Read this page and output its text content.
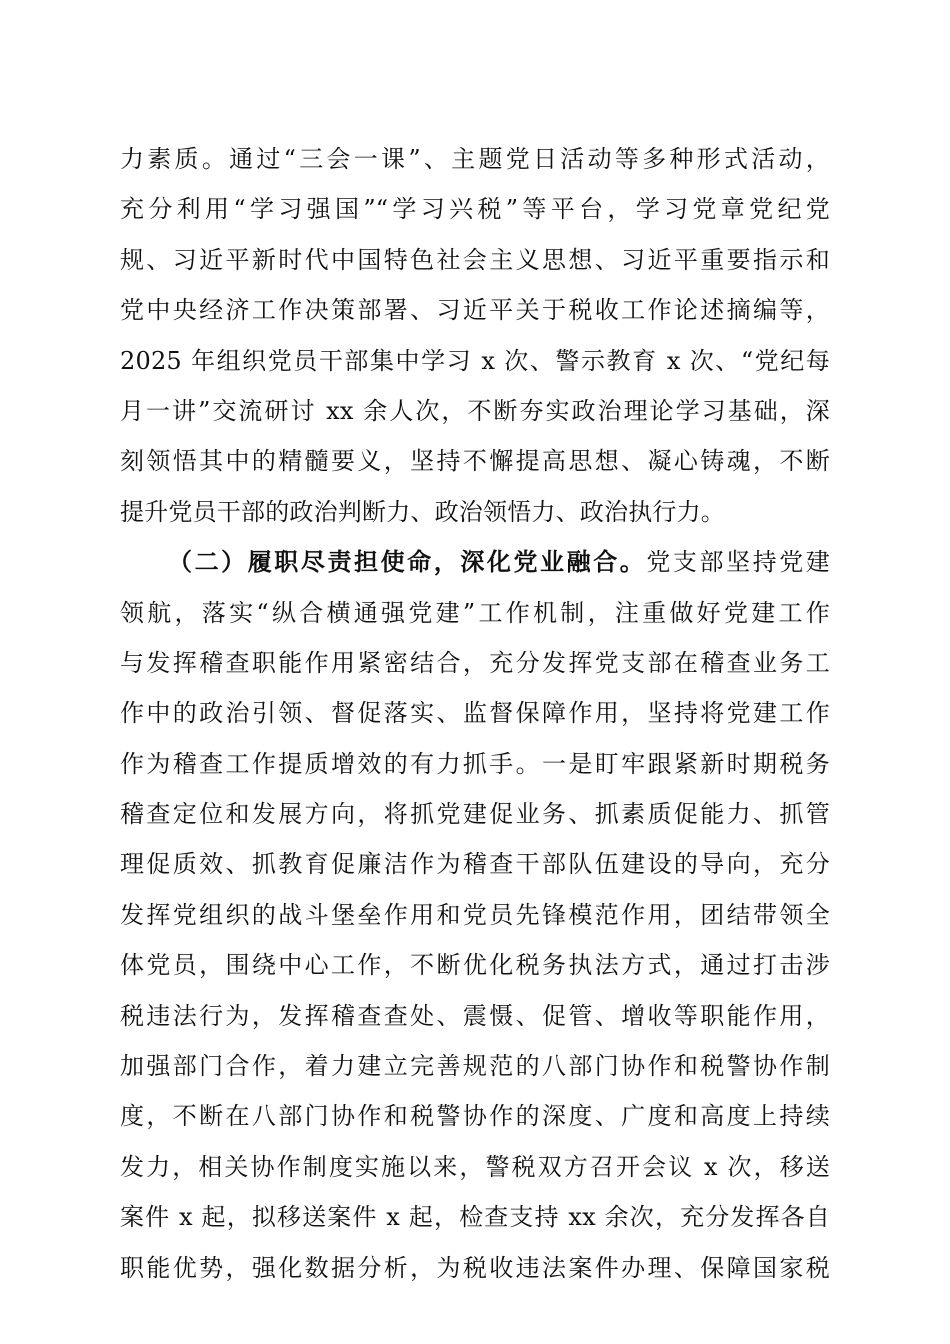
力素质。通过“三会一课”、主题党日活动等多种形式活动，
充分利用“学习强国”“学习兴税”等平台，学习党章党纪党
规、习近平新时代中国特色社会主义思想、习近平重要指示和
党中央经济工作决策部署、习近平关于税收工作论述摘编等，
2025 年组织党员干部集中学习 x 次、警示教育 x 次、“党纪每
月一讲”交流研讨 xx 余人次，不断夯实政治理论学习基础，深
刻领悟其中的精髓要义，坚持不懈提高思想、凝心铸魂，不断
提升党员干部的政治判断力、政治领悟力、政治执行力。
（二）履职尽责担使命，深化党业融合。党支部坚持党建
领航，落实“纵合横通强党建”工作机制，注重做好党建工作
与发挥稽查职能作用紧密结合，充分发挥党支部在稽查业务工
作中的政治引领、督促落实、监督保障作用，坚持将党建工作
作为稽查工作提质增效的有力抓手。一是盯牢跟紧新时期税务
稽查定位和发展方向，将抓党建促业务、抓素质促能力、抓管
理促质效、抓教育促廉洁作为稽查干部队伍建设的导向，充分
发挥党组织的战斗堡垒作用和党员先锋模范作用，团结带领全
体党员，围绕中心工作，不断优化税务执法方式，通过打击涉
税违法行为，发挥稽查查处、震慑、促管、增收等职能作用，
加强部门合作，着力建立完善规范的八部门协作和税警协作制
度，不断在八部门协作和税警协作的深度、广度和高度上持续
发力，相关协作制度实施以来，警税双方召开会议 x 次，移送
案件 x 起，拟移送案件 x 起，检查支持 xx 余次，充分发挥各自
职能优势，强化数据分析，为税收违法案件办理、保障国家税
